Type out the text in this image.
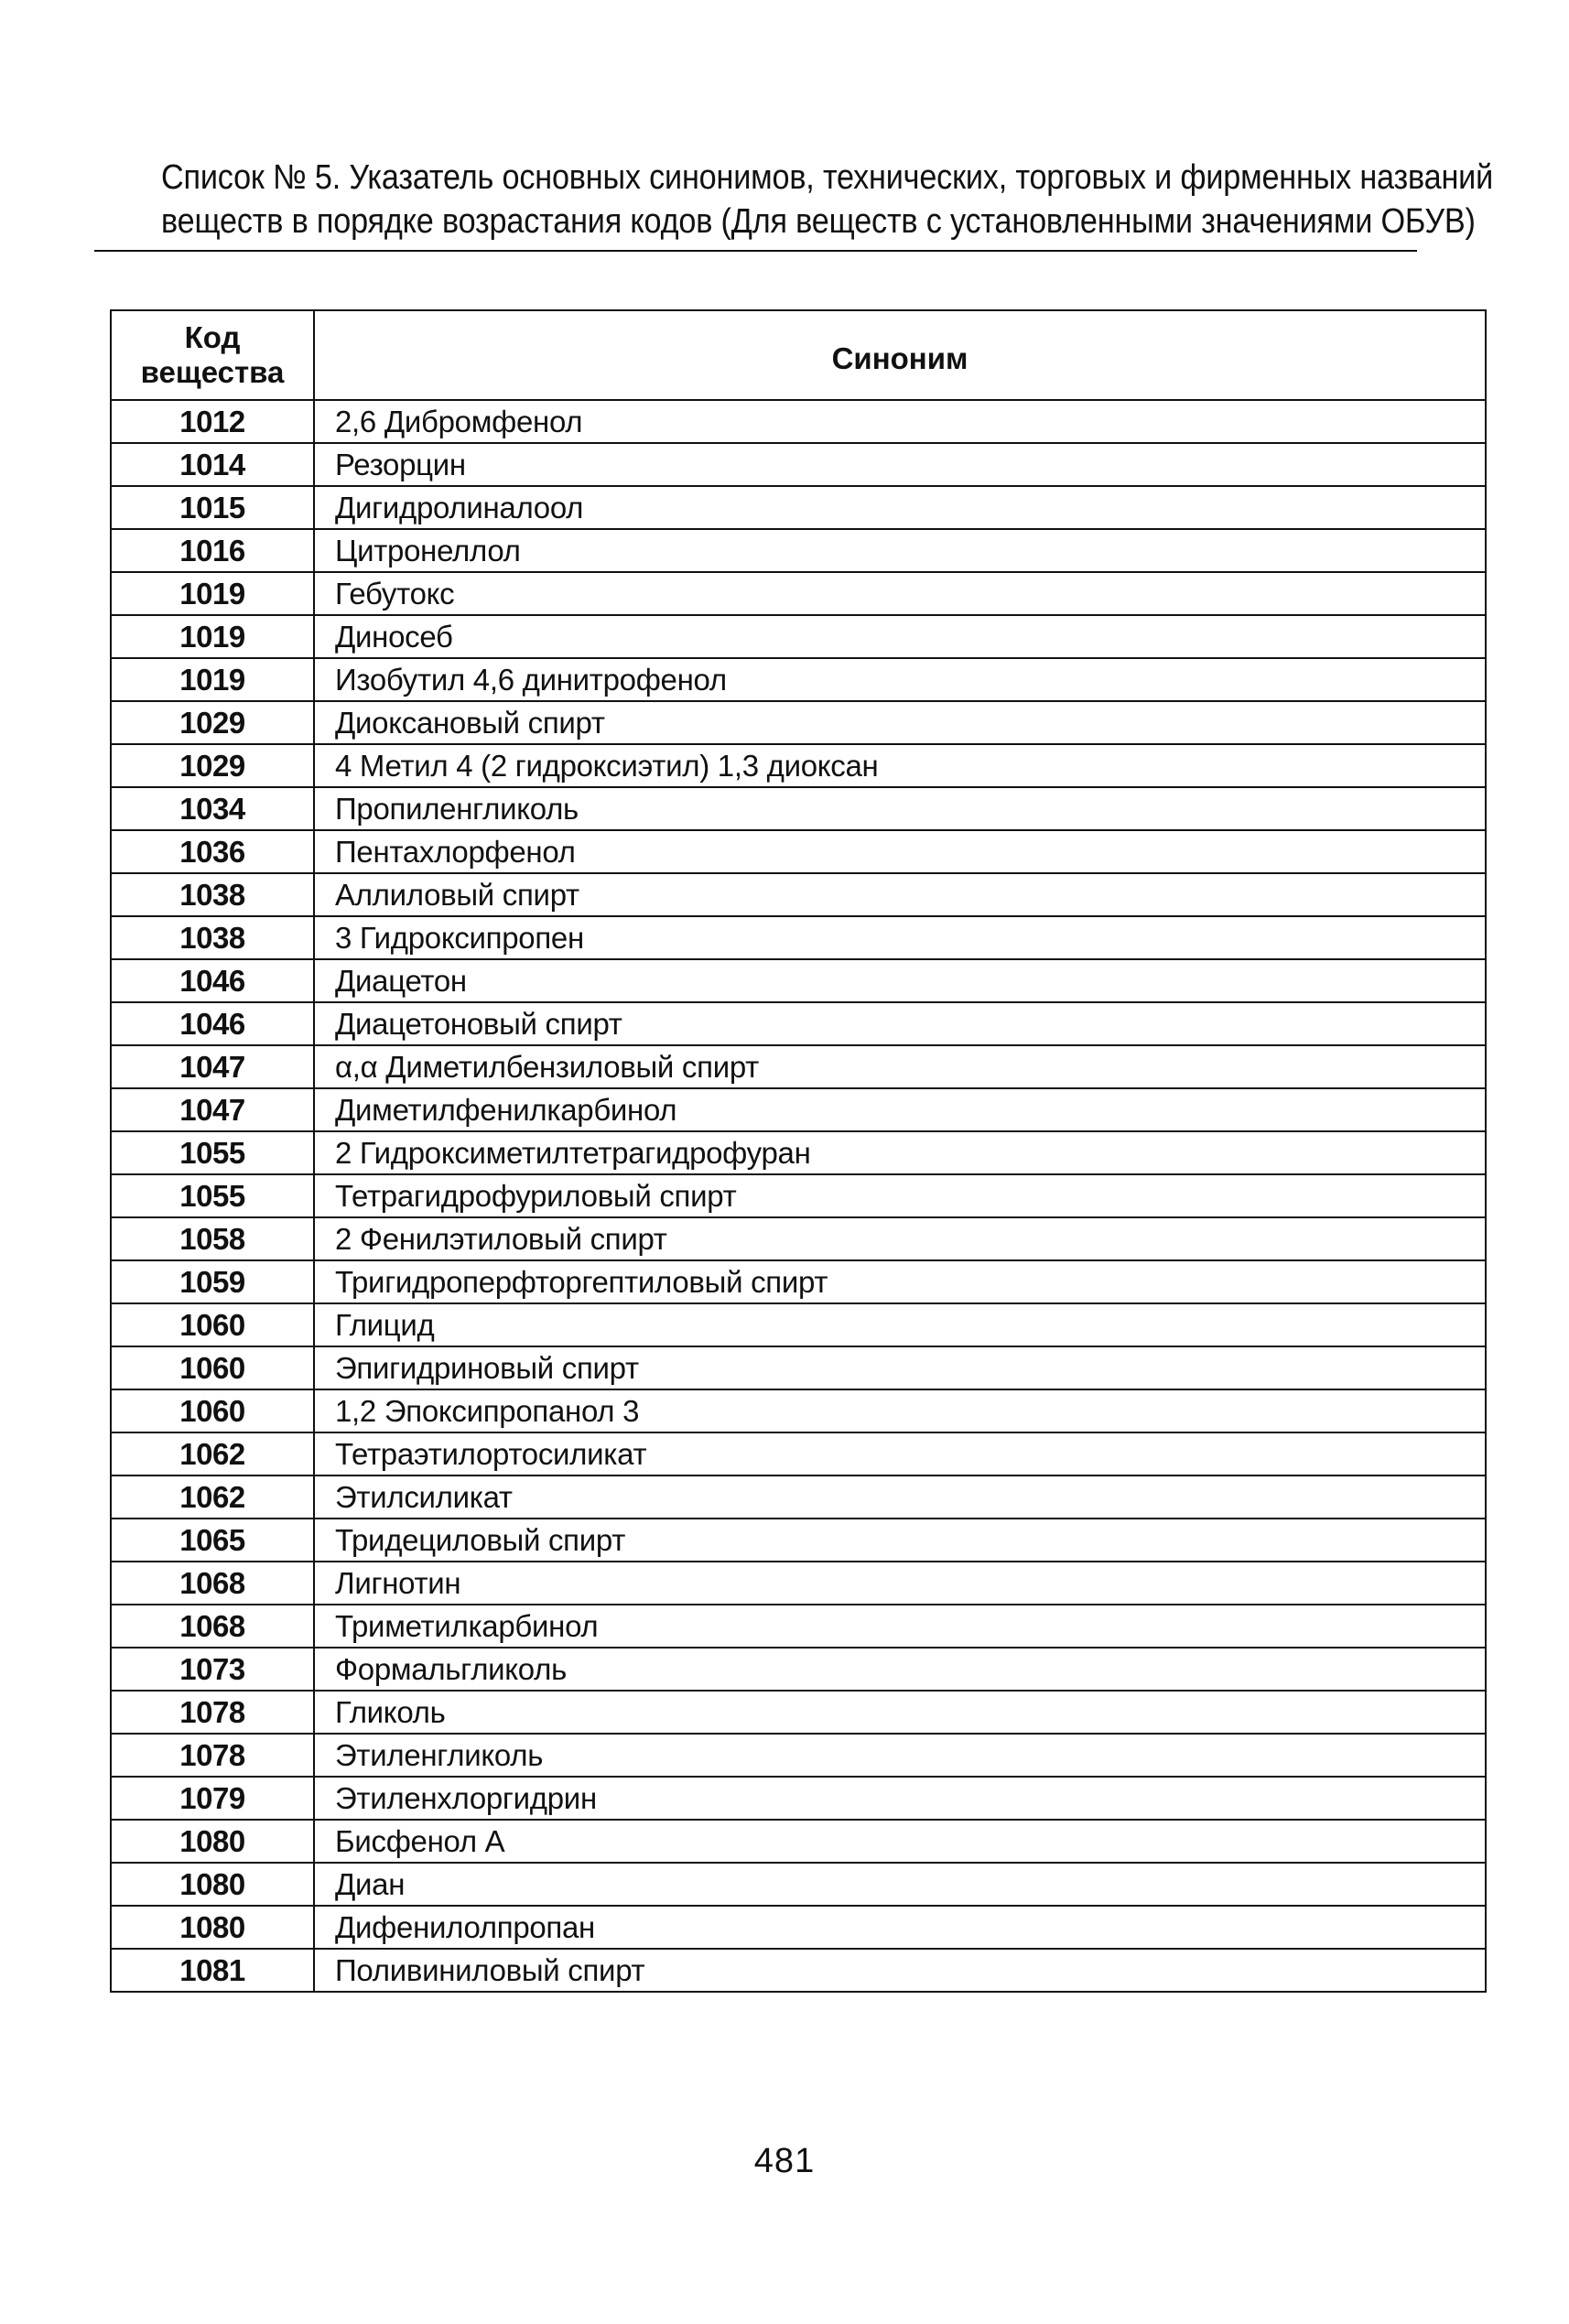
Список № 5. Указатель основных синонимов, технических, торговых и фирменных названий
веществ в порядке возрастания кодов (Для веществ с установленными значениями ОБУВ)
Код вещества	Синоним
1012	2,6 Дибромфенол
1014	Резорцин
1015	Дигидролиналоол
1016	Цитронеллол
1019	Гебутокс
1019	Диносеб
1019	Изобутил 4,6 динитрофенол
1029	Диоксановый спирт
1029	4 Метил 4 (2 гидроксиэтил) 1,3 диоксан
1034	Пропиленгликоль
1036	Пентахлорфенол
1038	Аллиловый спирт
1038	3 Гидроксипропен
1046	Диацетон
1046	Диацетоновый спирт
1047	α,α Диметилбензиловый спирт
1047	Диметилфенилкарбинол
1055	2 Гидроксиметилтетрагидрофуран
1055	Тетрагидрофуриловый спирт
1058	2 Фенилэтиловый спирт
1059	Тригидроперфторгептиловый спирт
1060	Глицид
1060	Эпигидриновый спирт
1060	1,2 Эпоксипропанол 3
1062	Тетраэтилортосиликат
1062	Этилсиликат
1065	Тридециловый спирт
1068	Лигнотин
1068	Триметилкарбинол
1073	Формальгликоль
1078	Гликоль
1078	Этиленгликоль
1079	Этиленхлоргидрин
1080	Бисфенол А
1080	Диан
1080	Дифенилолпропан
1081	Поливиниловый спирт
481
